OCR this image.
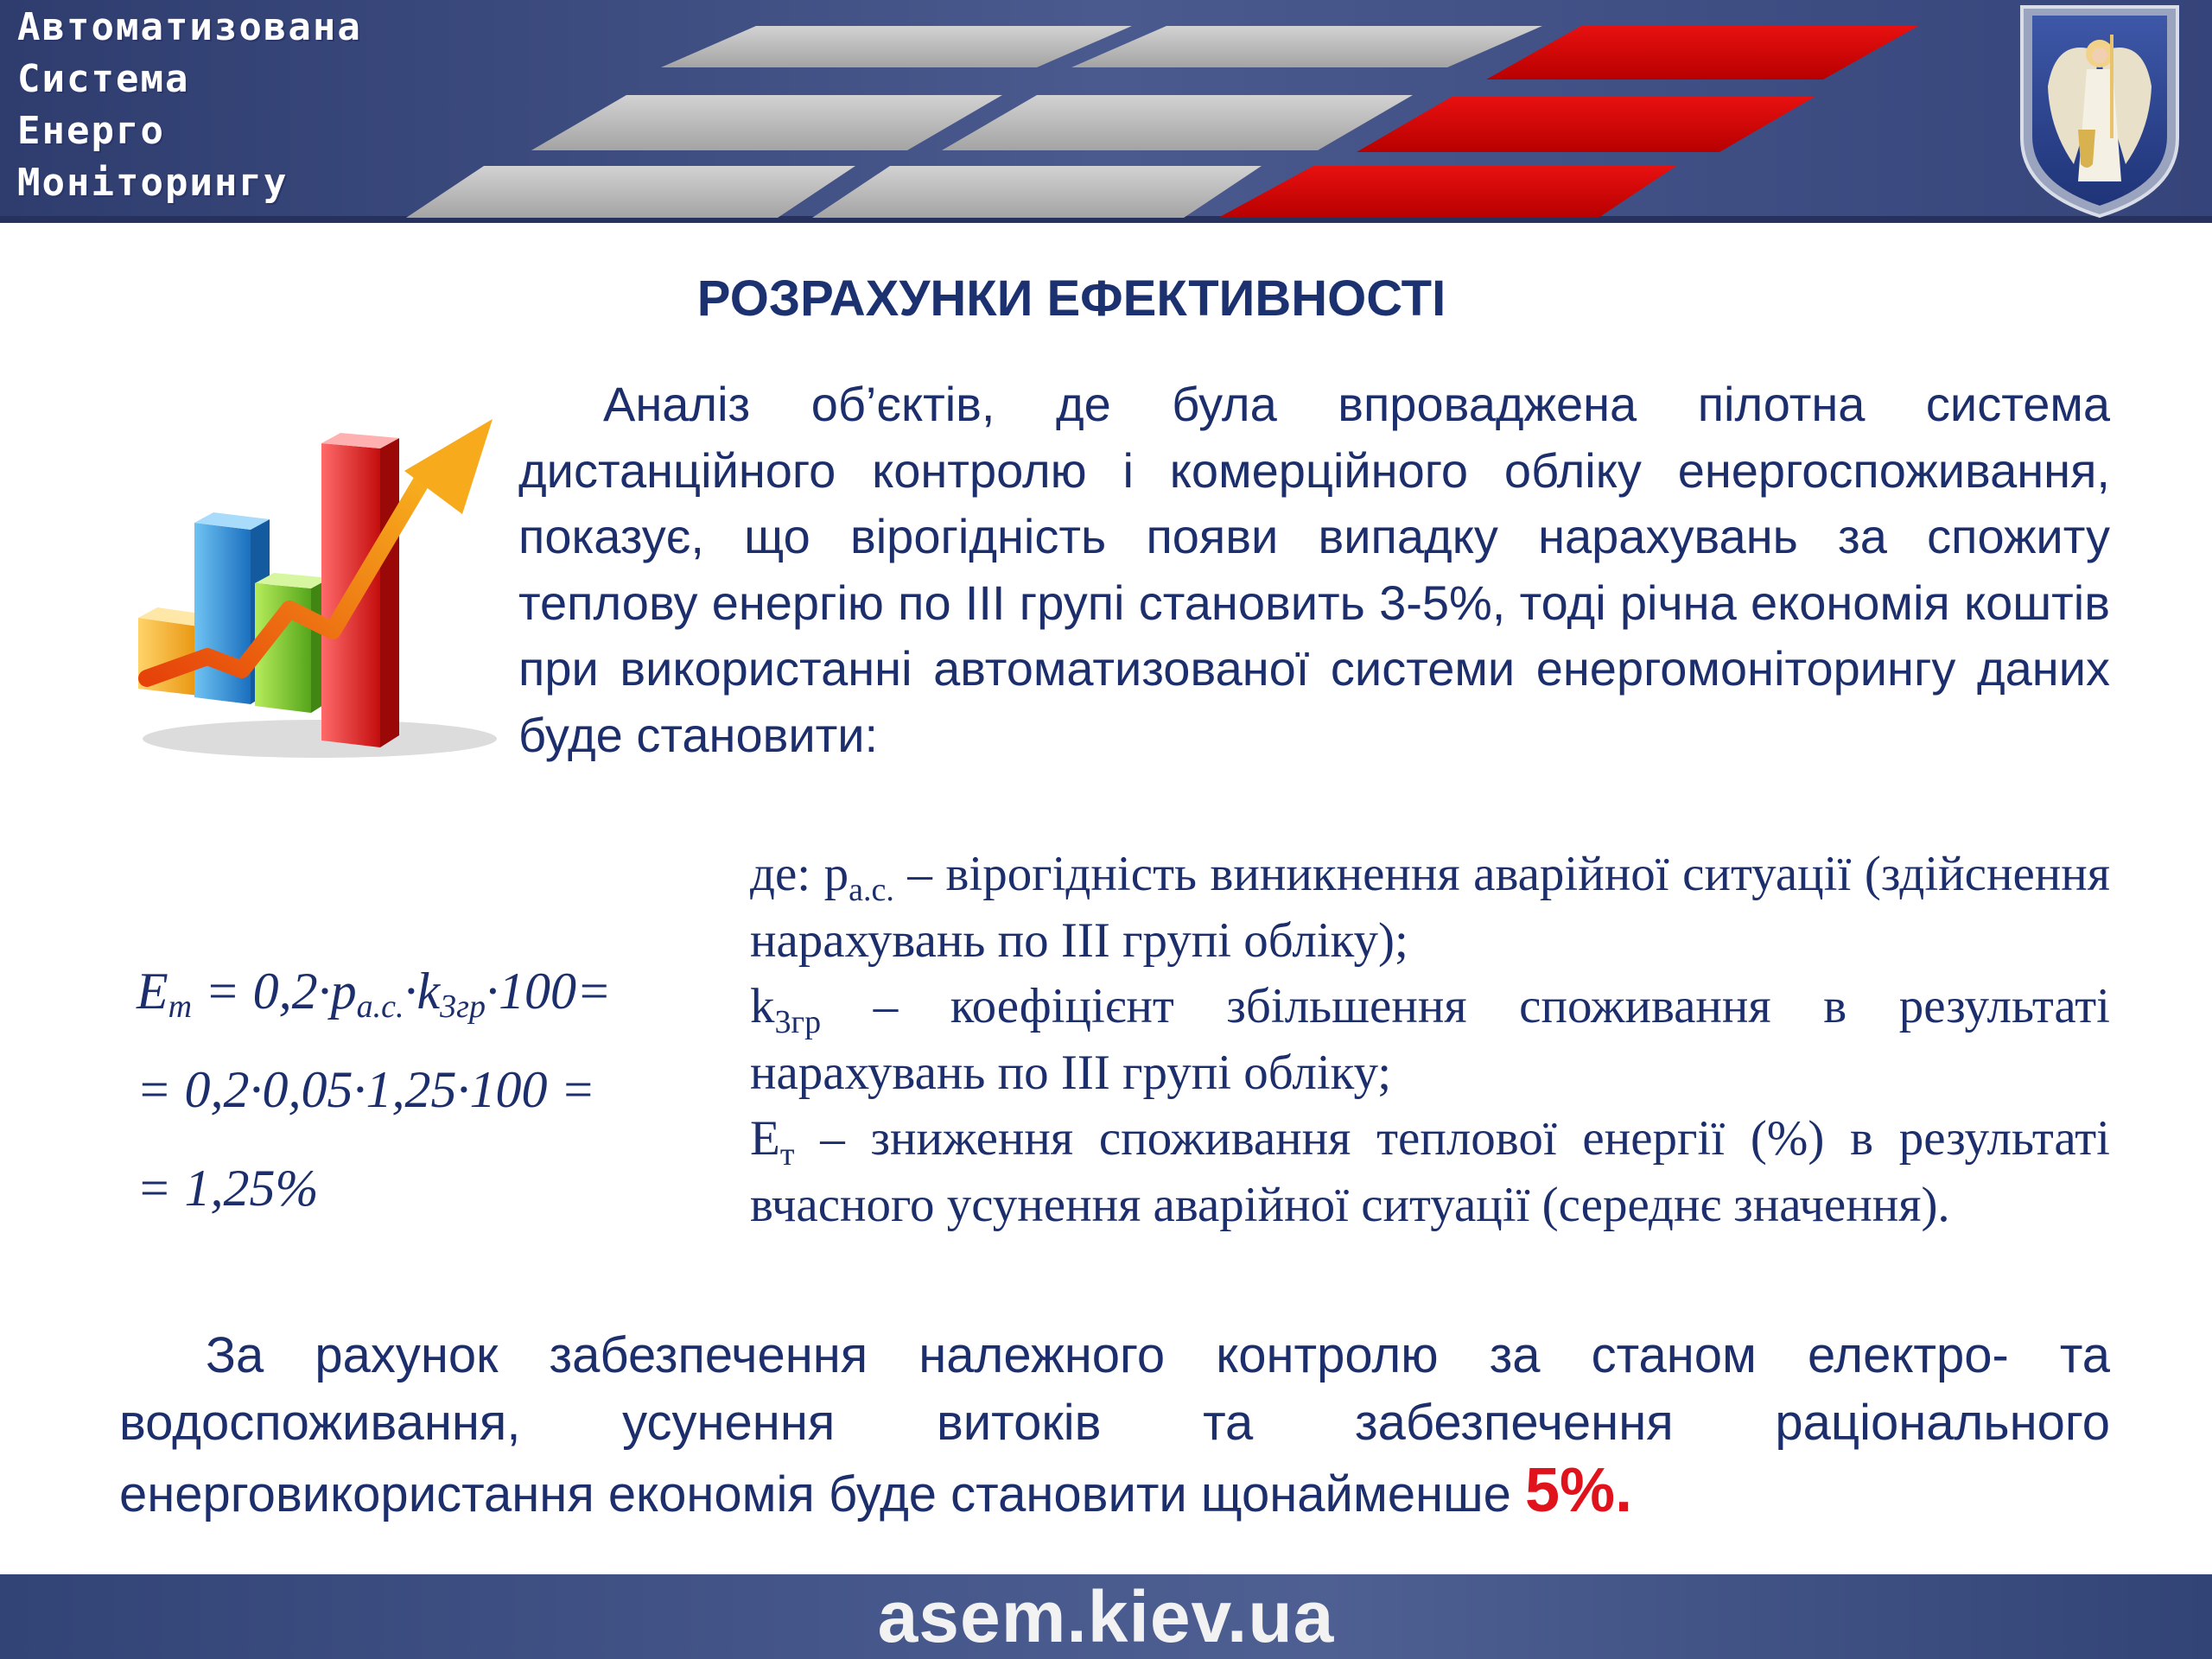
Автоматизована
Система
Енерго
Моніторингу
РОЗРАХУНКИ ЕФЕКТИВНОСТІ

Аналіз об’єктів, де була впроваджена пілотна система дистанційного контролю і комерційного обліку енергоспоживання, показує, що вірогідність появи випадку нарахувань за спожиту теплову енергію по III групі становить 3-5%, тоді річна економія коштів при використанні автоматизованої системи енергомоніторингу даних буде становити:

$E_т = 0,2\cdot p_{а.с.}\cdot k_{3гр}\cdot 100=$
= 0,2·0,05·1,25·100 =
= 1,25%

де: $р_{а.с.}$ – вірогідність виникнення аварійної ситуації (здійснення нарахувань по III групі обліку);

$k_{3гр}$ – коефіцієнт збільшення споживання в результаті нарахувань по III групі обліку;

$Е_т$ – зниження споживання теплової енергії (%) в результаті вчасного усунення аварійної ситуації (середнє значення).

За рахунок забезпечення належного контролю за станом електро- та водоспоживання, усунення витоків та забезпечення раціонального енерговикористання економія буде становити щонайменше 5%.

asem.kiev.ua
